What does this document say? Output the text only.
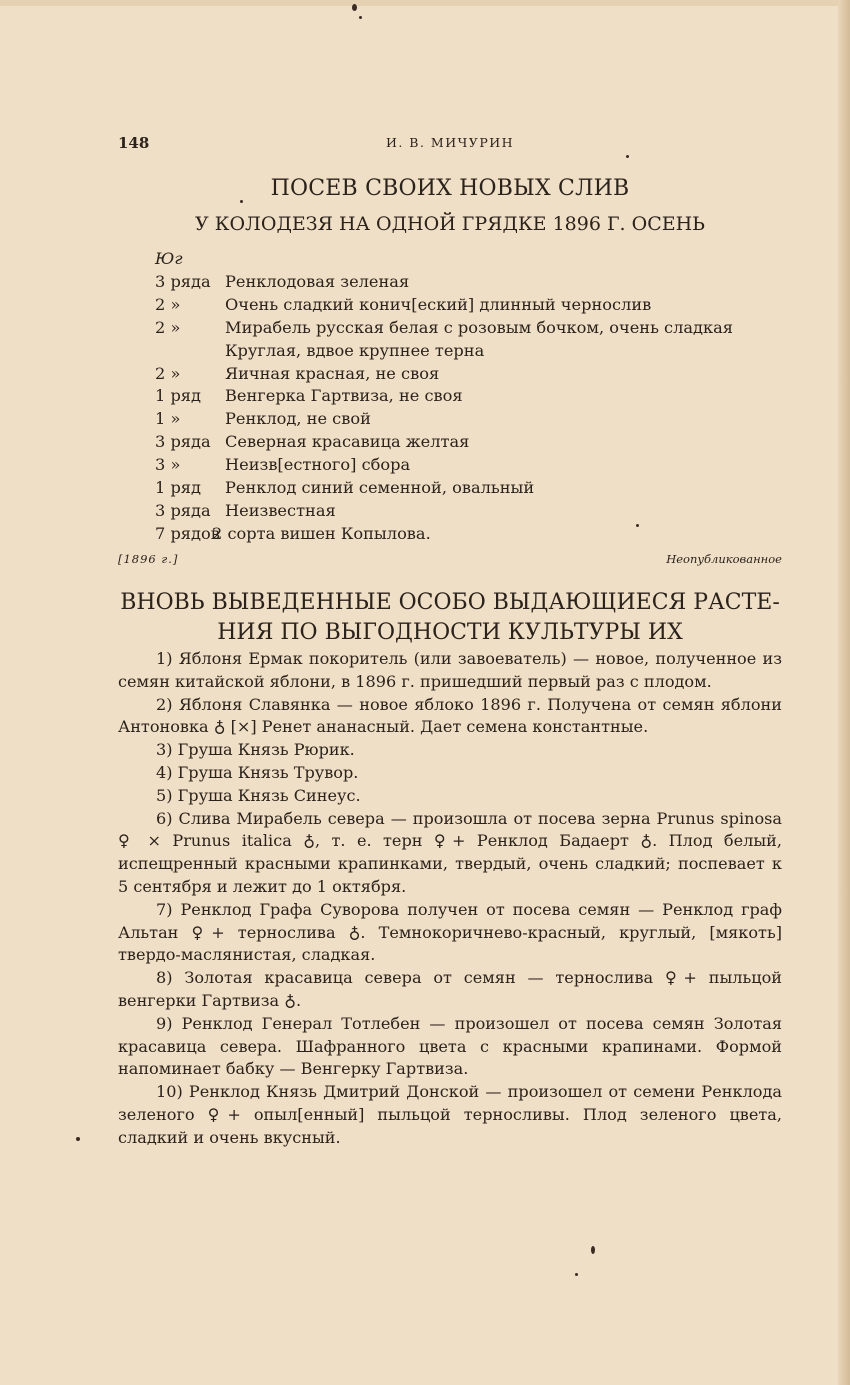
148	И. В. МИЧУРИН
ПОСЕВ СВОИХ НОВЫХ СЛИВ
У КОЛОДЕЗЯ НА ОДНОЙ ГРЯДКЕ 1896 Г. ОСЕНЬ
Юг
3 ряда Ренклодовая зеленая
2 »	Очень сладкий конич[еский] длинный чернослив
2 »	Мирабель русская белая с розовым бочком, очень сладкая
Круглая, вдвое крупнее терна
2 »	Яичная красная, не своя
1 ряд	Венгерка Гартвиза, не своя
1 »	Ренклод, не свой
3 ряда Северная красавица желтая
3 »	Неизв[естного] сбора
1 ряд	Ренклод синий семенной, овальный
3 ряда Неизвестная
7 рядов
2 сорта вишен Копылова.
[1896 г.]	Неопубликованное
ВНОВЬ ВЫВЕДЕННЫЕ ОСОБО ВЫДАЮЩИЕСЯ РАСТЕ-
НИЯ ПО ВЫГОДНОСТИ КУЛЬТУРЫ ИХ

1) Яблоня Ермак покоритель (или завоеватель) — новое, полученное из семян китайской яблони, в 1896 г. пришедший первый раз с плодом.

2) Яблоня Славянка — новое яблоко 1896 г. Получена от семян яблони Антоновка ♁ [×] Ренет ананасный. Дает семена константные.

3) Груша Князь Рюрик.

4) Груша Князь Трувор.

5) Груша Князь Синеус.

6) Слива Мирабель севера — произошла от посева зерна Prunus spinosa ♀ × Prunus italica ♁, т. е. терн ♀+ Ренклод Бадаерт ♁. Плод белый, испещренный красными крапинками, твердый, очень сладкий; поспевает к 5 сентября и лежит до 1 октября.

7) Ренклод Графа Суворова получен от посева семян — Ренклод граф Альтан ♀+ тернослива ♁. Темнокоричнево-красный, круглый, [мякоть] твердо-маслянистая, сладкая.

8) Золотая красавица севера от семян — тернослива ♀+ пыльцой венгерки Гартвиза ♁.

9) Ренклод Генерал Тотлебен — произошел от посева семян Золотая красавица севера. Шафранного цвета с красными крапинами. Формой напоминает бабку — Венгерку Гартвиза.

10) Ренклод Князь Дмитрий Донской — произошел от семени Ренклода зеленого ♀+ опыл[енный] пыльцой терносливы. Плод зеленого цвета, сладкий и очень вкусный.
